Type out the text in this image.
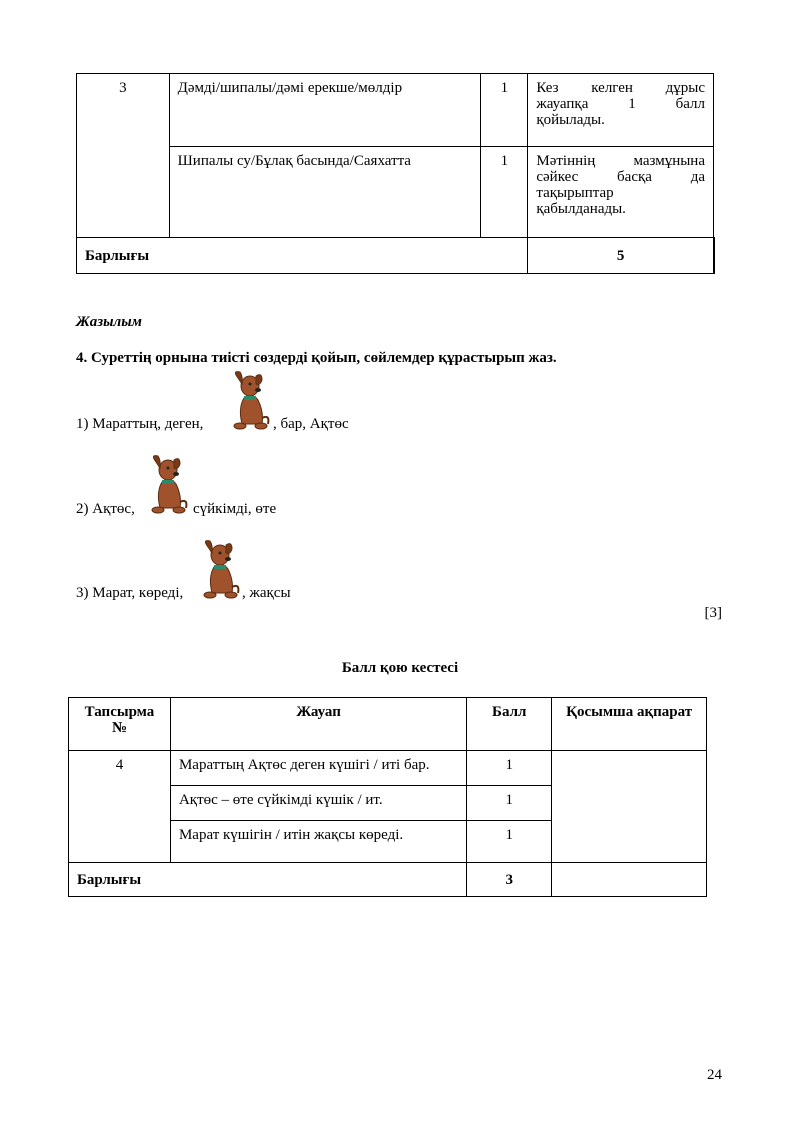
3	Дәмді/шипалы/дәмі ерекше/мөлдір	1	Кез келген дұрыс
жауапқа 1 балл
қойылады.	

	Шипалы су/Бұлақ басында/Саяхатта	1	Мәтіннің мазмұнына
сәйкес басқа да
тақырыптар
қабылданады.	

Барлығы			5	
Жазылым
4. Суреттің орнына тиісті сөздерді қойып, сөйлемдер құрастырып жаз.
1) Мараттың, деген,	, бар, Ақтөс
2) Ақтөс,	сүйкімді, өте
3) Марат, көреді,	, жақсы
[3]
Балл қою кестесі
Тапсырма №	Жауап	Балл	Қосымша ақпарат
4	Мараттың Ақтөс деген күшігі / иті бар.	1	
	Ақтөс – өте сүйкімді күшік / ит.	1	
	Марат күшігін / итін жақсы көреді.	1	
Барлығы		3	
24
